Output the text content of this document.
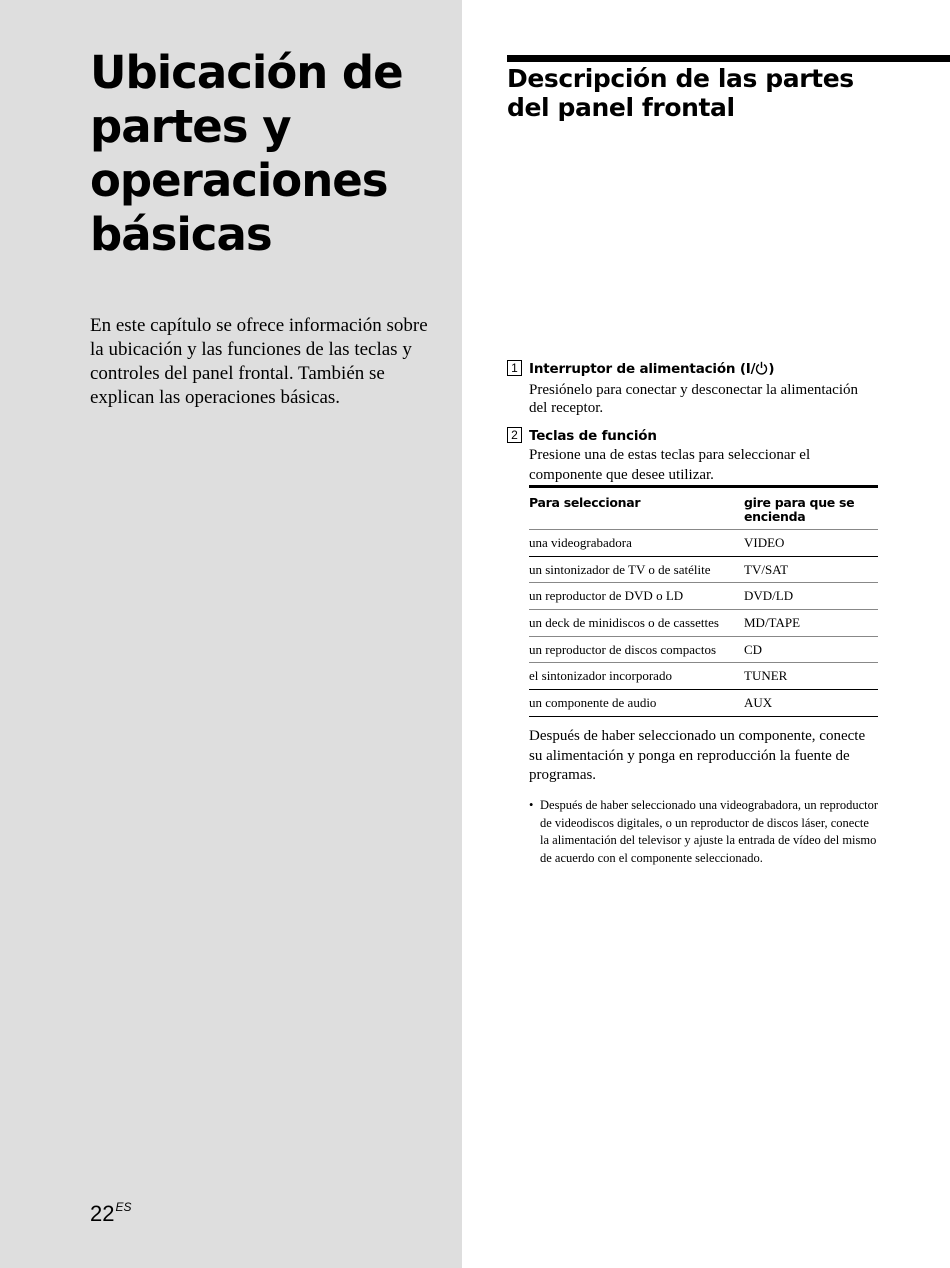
Ubicación de
partes y
operaciones
básicas

En este capítulo se ofrece información sobre la ubicación y las funciones de las teclas y controles del panel frontal. También se explican las operaciones básicas.

$22^{ES}$
Descripción de las partes
del panel frontal
1 Interruptor de alimentación (I/ )
Presiónelo para conectar y desconectar la alimentación del receptor.
2 Teclas de función
Presione una de estas teclas para seleccionar el componente que desee utilizar.
Para seleccionar	gire para que se encienda
una videograbadora	VIDEO
un sintonizador de TV o de satélite	TV/SAT
un reproductor de DVD o LD	DVD/LD
un deck de minidiscos o de cassettes	MD/TAPE
un reproductor de discos compactos	CD
el sintonizador incorporado	TUNER
un componente de audio	AUX

Después de haber seleccionado un componente, conecte su alimentación y ponga en reproducción la fuente de programas.

• Después de haber seleccionado una videograbadora, un reproductor de videodiscos digitales, o un reproductor de discos láser, conecte la alimentación del televisor y ajuste la entrada de vídeo del mismo de acuerdo con el componente seleccionado.
